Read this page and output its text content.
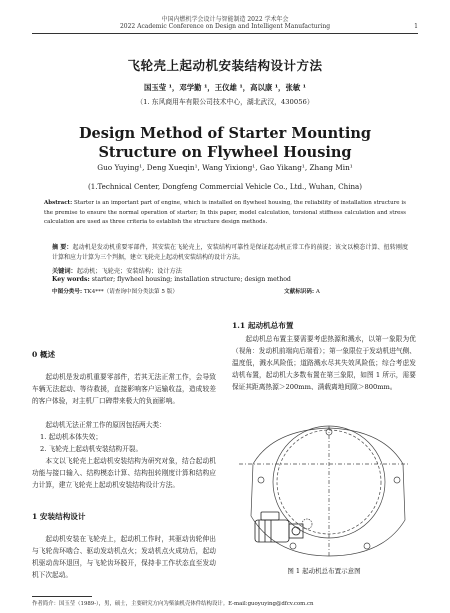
中国内燃机学会设计与智能制造 2022 学术年会
2022 Academic Conference on Design and Intelligent Manufacturing	1
飞轮壳上起动机安装结构设计方法
国玉莹 ¹，邓学勤 ¹，王仪雄 ¹，高以康 ¹，张敏 ¹
（1. 东风商用车有限公司技术中心，湖北武汉，430056）
Design Method of Starter Mounting Structure on Flywheel Housing
Guo Yuying¹, Deng Xueqin¹, Wang Yixiong¹, Gao Yikang¹, Zhang Min¹
(1.Technical Center, Dongfeng Commercial Vehicle Co., Ltd., Wuhan, China)
Abstract: Starter is an important part of engine, which is installed on flywheel housing, the reliability of installation structure is the premise to ensure the normal operation of starter; In this paper, model calculation, torsional stiffness calculation and stress calculation are used as three criteria to establish the structure design methods.
摘 要：起动机是发动机重要零部件，其安装在飞轮壳上，安装结构可靠性是保证起动机正常工作的前提；该文以模态计算、扭转刚度计算和应力计算为三个判据，建立飞轮壳上起动机安装结构的设计方法。
关键词：起动机；飞轮壳；安装结构；设计方法
Key words: starter; flywheel housing; installation structure; design method
中图分类号: TK4***（请查询中图分类法第 5 版）	文献标识码: A
0 概述
起动机是发动机重要零部件，若其无法正常工作，会导致车辆无法起动、等待救援，直接影响客户运输收益，造成较差的客户体验，对主机厂口碑带来极大的负面影响。
起动机无法正常工作的原因包括两大类：
1. 起动机本体失效；
2. 飞轮壳上起动机安装结构开裂。
本文以飞轮壳上起动机安装结构为研究对象，结合起动机功能与接口输入、结构模态计算、结构扭转刚度计算和结构应力计算，建立飞轮壳上起动机安装结构设计方法。
1 安装结构设计
起动机安装在飞轮壳上，起动机工作时，其驱动齿轮伸出与飞轮齿环啮合、驱动发动机点火；发动机点火成功后，起动机驱动齿环退回，与飞轮齿环脱开，保持非工作状态直至发动机下次起动。
1.1 起动机总布置
起动机总布置主要需要考虑热源和溅水，以第一象限为优（视角：发动机前端向后端看）；第一象限位于发动机进气侧、温度低，溅水风险低；道路溅水尽其失效风险低；综合考虑发动机布置，起动机大多数布置在第三象限，如图 1 所示，需要保证其距离热源＞200mm、满载离地间隙＞800mm。
图 1 起动机总布置示意图
作者简介：国玉莹（1989-），男，硕士，主要研究方向为柴油机壳体件结构设计。E-mail:guoyuying@dfcv.com.cn
